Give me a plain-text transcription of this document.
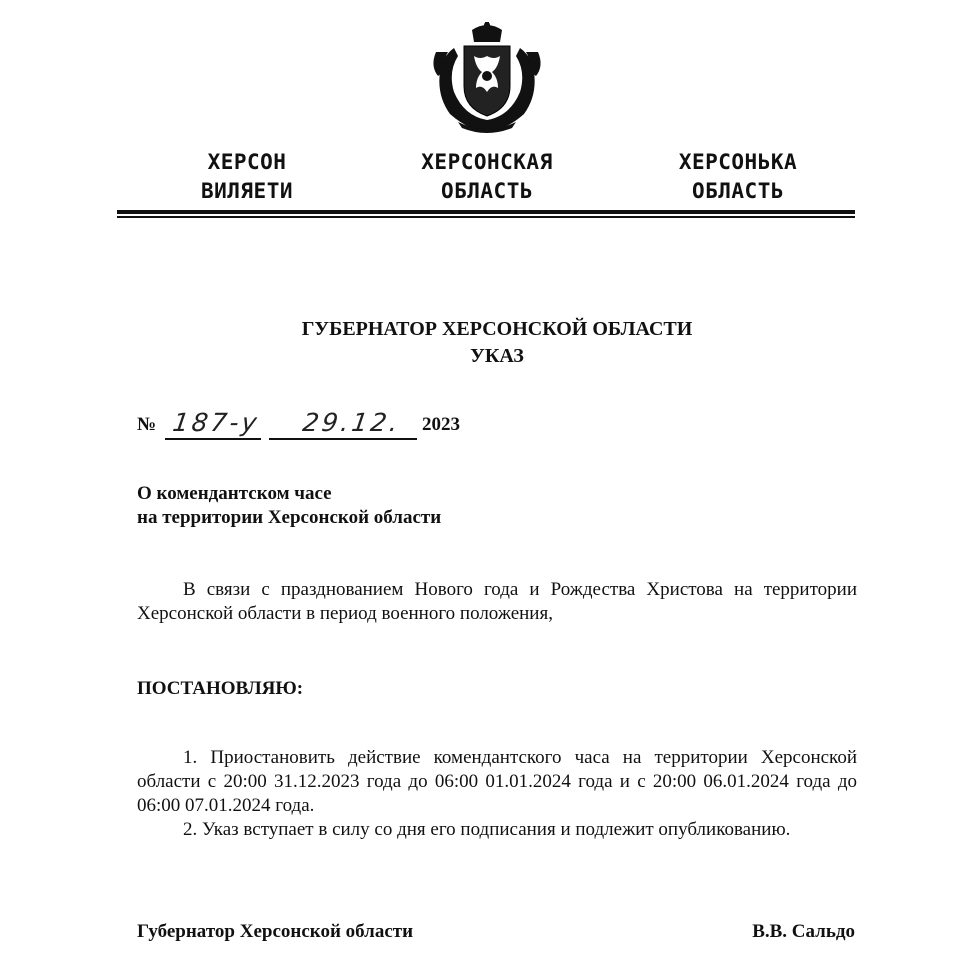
ХЕРСОН
ВИЛЯЕТИ
ХЕРСОНСКАЯ
ОБЛАСТЬ
ХЕРСОНЬКА
ОБЛАСТЬ
ГУБЕРНАТОР ХЕРСОНСКОЙ ОБЛАСТИ
УКАЗ
№ 187-у 29.12. 2023
О комендантском часе
на территории Херсонской области
В связи с празднованием Нового года и Рождества Христова на территории Херсонской области в период военного положения,
ПОСТАНОВЛЯЮ:

1. Приостановить действие комендантского часа на территории Херсонской области с 20:00 31.12.2023 года до 06:00 01.01.2024 года и с 20:00 06.01.2024 года до 06:00 07.01.2024 года.

2. Указ вступает в силу со дня его подписания и подлежит опубликованию.

Губернатор Херсонской области	В.В. Сальдо
